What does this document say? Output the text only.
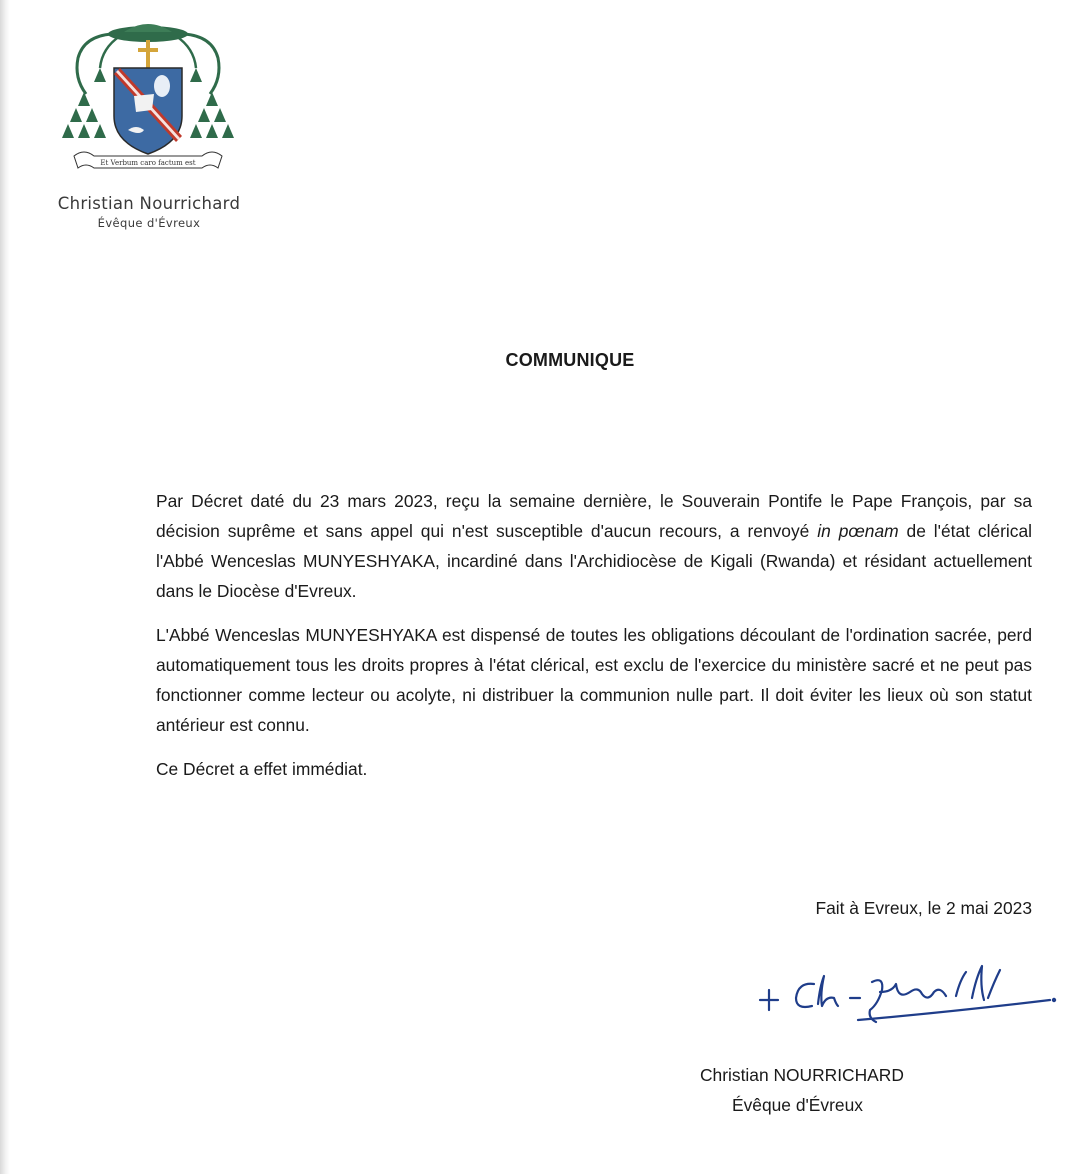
Et Verbum caro factum est
Christian Nourrichard
Évêque d'Évreux
COMMUNIQUE

Par Décret daté du 23 mars 2023, reçu la semaine dernière, le Souverain Pontife le Pape François, par sa décision suprême et sans appel qui n'est susceptible d'aucun recours, a renvoyé in pœnam de l'état clérical l'Abbé Wenceslas MUNYESHYAKA, incardiné dans l'Archidiocèse de Kigali (Rwanda) et résidant actuellement dans le Diocèse d'Evreux.

L'Abbé Wenceslas MUNYESHYAKA est dispensé de toutes les obligations découlant de l'ordination sacrée, perd automatiquement tous les droits propres à l'état clérical, est exclu de l'exercice du ministère sacré et ne peut pas fonctionner comme lecteur ou acolyte, ni distribuer la communion nulle part. Il doit éviter les lieux où son statut antérieur est connu.

Ce Décret a effet immédiat.

Fait à Evreux, le 2 mai 2023
Christian NOURRICHARD
Évêque d'Évreux
